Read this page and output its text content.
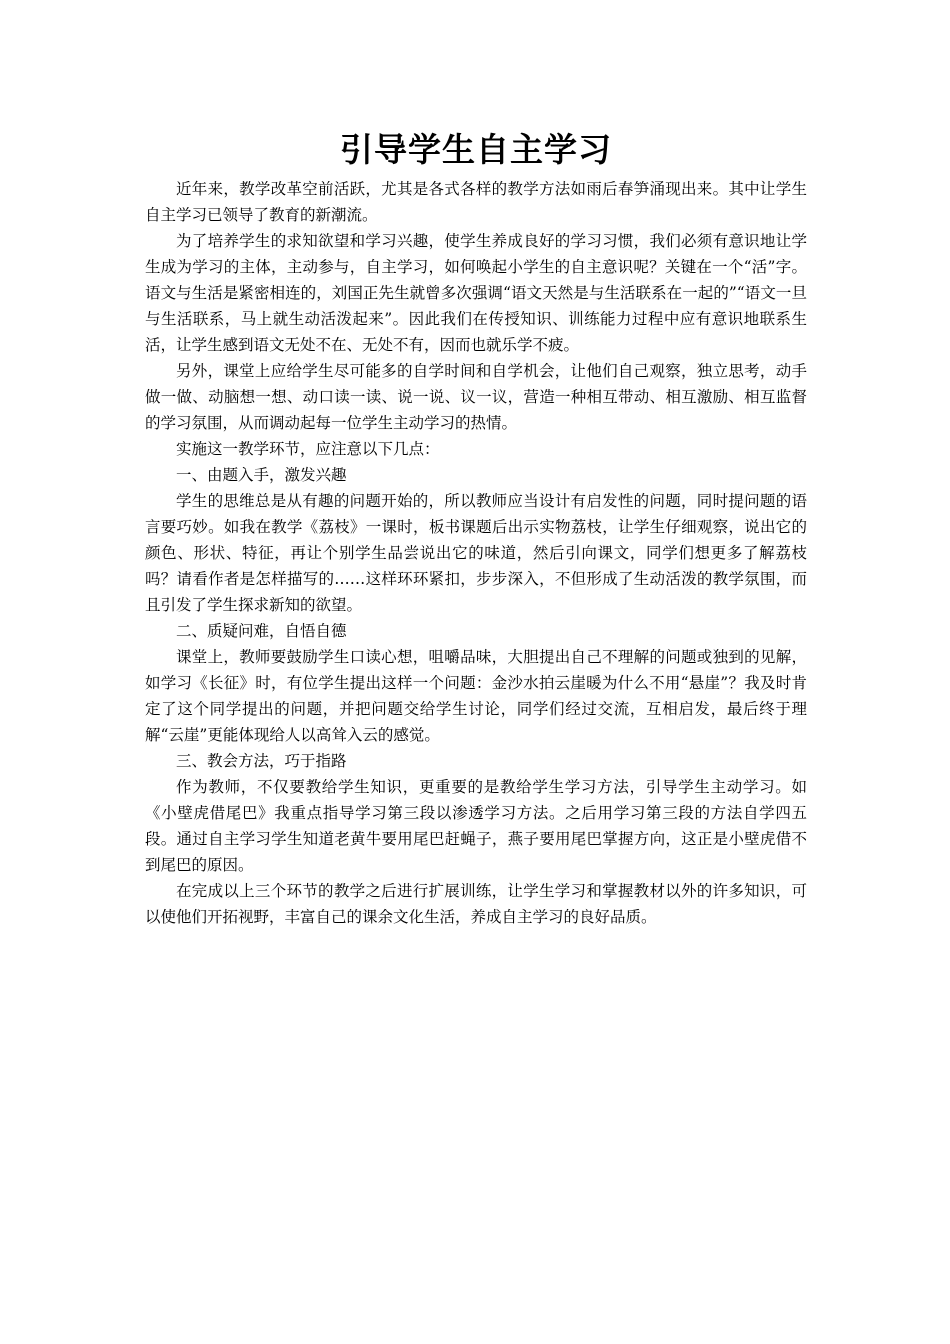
引导学生自主学习

近年来，教学改革空前活跃，尤其是各式各样的教学方法如雨后春笋涌现出来。其中让学生自主学习已领导了教育的新潮流。

为了培养学生的求知欲望和学习兴趣，使学生养成良好的学习习惯，我们必须有意识地让学生成为学习的主体，主动参与，自主学习，如何唤起小学生的自主意识呢？关键在一个“活”字。语文与生活是紧密相连的，刘国正先生就曾多次强调“语文天然是与生活联系在一起的”“语文一旦与生活联系，马上就生动活泼起来”。因此我们在传授知识、训练能力过程中应有意识地联系生活，让学生感到语文无处不在、无处不有，因而也就乐学不疲。

另外，课堂上应给学生尽可能多的自学时间和自学机会，让他们自己观察，独立思考，动手做一做、动脑想一想、动口读一读、说一说、议一议，营造一种相互带动、相互激励、相互监督的学习氛围，从而调动起每一位学生主动学习的热情。

实施这一教学环节，应注意以下几点：

一、由题入手，激发兴趣

学生的思维总是从有趣的问题开始的，所以教师应当设计有启发性的问题，同时提问题的语言要巧妙。如我在教学《荔枝》一课时，板书课题后出示实物荔枝，让学生仔细观察，说出它的颜色、形状、特征，再让个别学生品尝说出它的味道，然后引向课文，同学们想更多了解荔枝吗？请看作者是怎样描写的……这样环环紧扣，步步深入，不但形成了生动活泼的教学氛围，而且引发了学生探求新知的欲望。

二、质疑问难，自悟自德

课堂上，教师要鼓励学生口读心想，咀嚼品味，大胆提出自己不理解的问题或独到的见解，如学习《长征》时，有位学生提出这样一个问题：金沙水拍云崖暖为什么不用“悬崖”？我及时肯定了这个同学提出的问题，并把问题交给学生讨论，同学们经过交流，互相启发，最后终于理解“云崖”更能体现给人以高耸入云的感觉。

三、教会方法，巧于指路

作为教师，不仅要教给学生知识，更重要的是教给学生学习方法，引导学生主动学习。如《小壁虎借尾巴》我重点指导学习第三段以渗透学习方法。之后用学习第三段的方法自学四五段。通过自主学习学生知道老黄牛要用尾巴赶蝇子，燕子要用尾巴掌握方向，这正是小壁虎借不到尾巴的原因。

在完成以上三个环节的教学之后进行扩展训练，让学生学习和掌握教材以外的许多知识，可以使他们开拓视野，丰富自己的课余文化生活，养成自主学习的良好品质。
